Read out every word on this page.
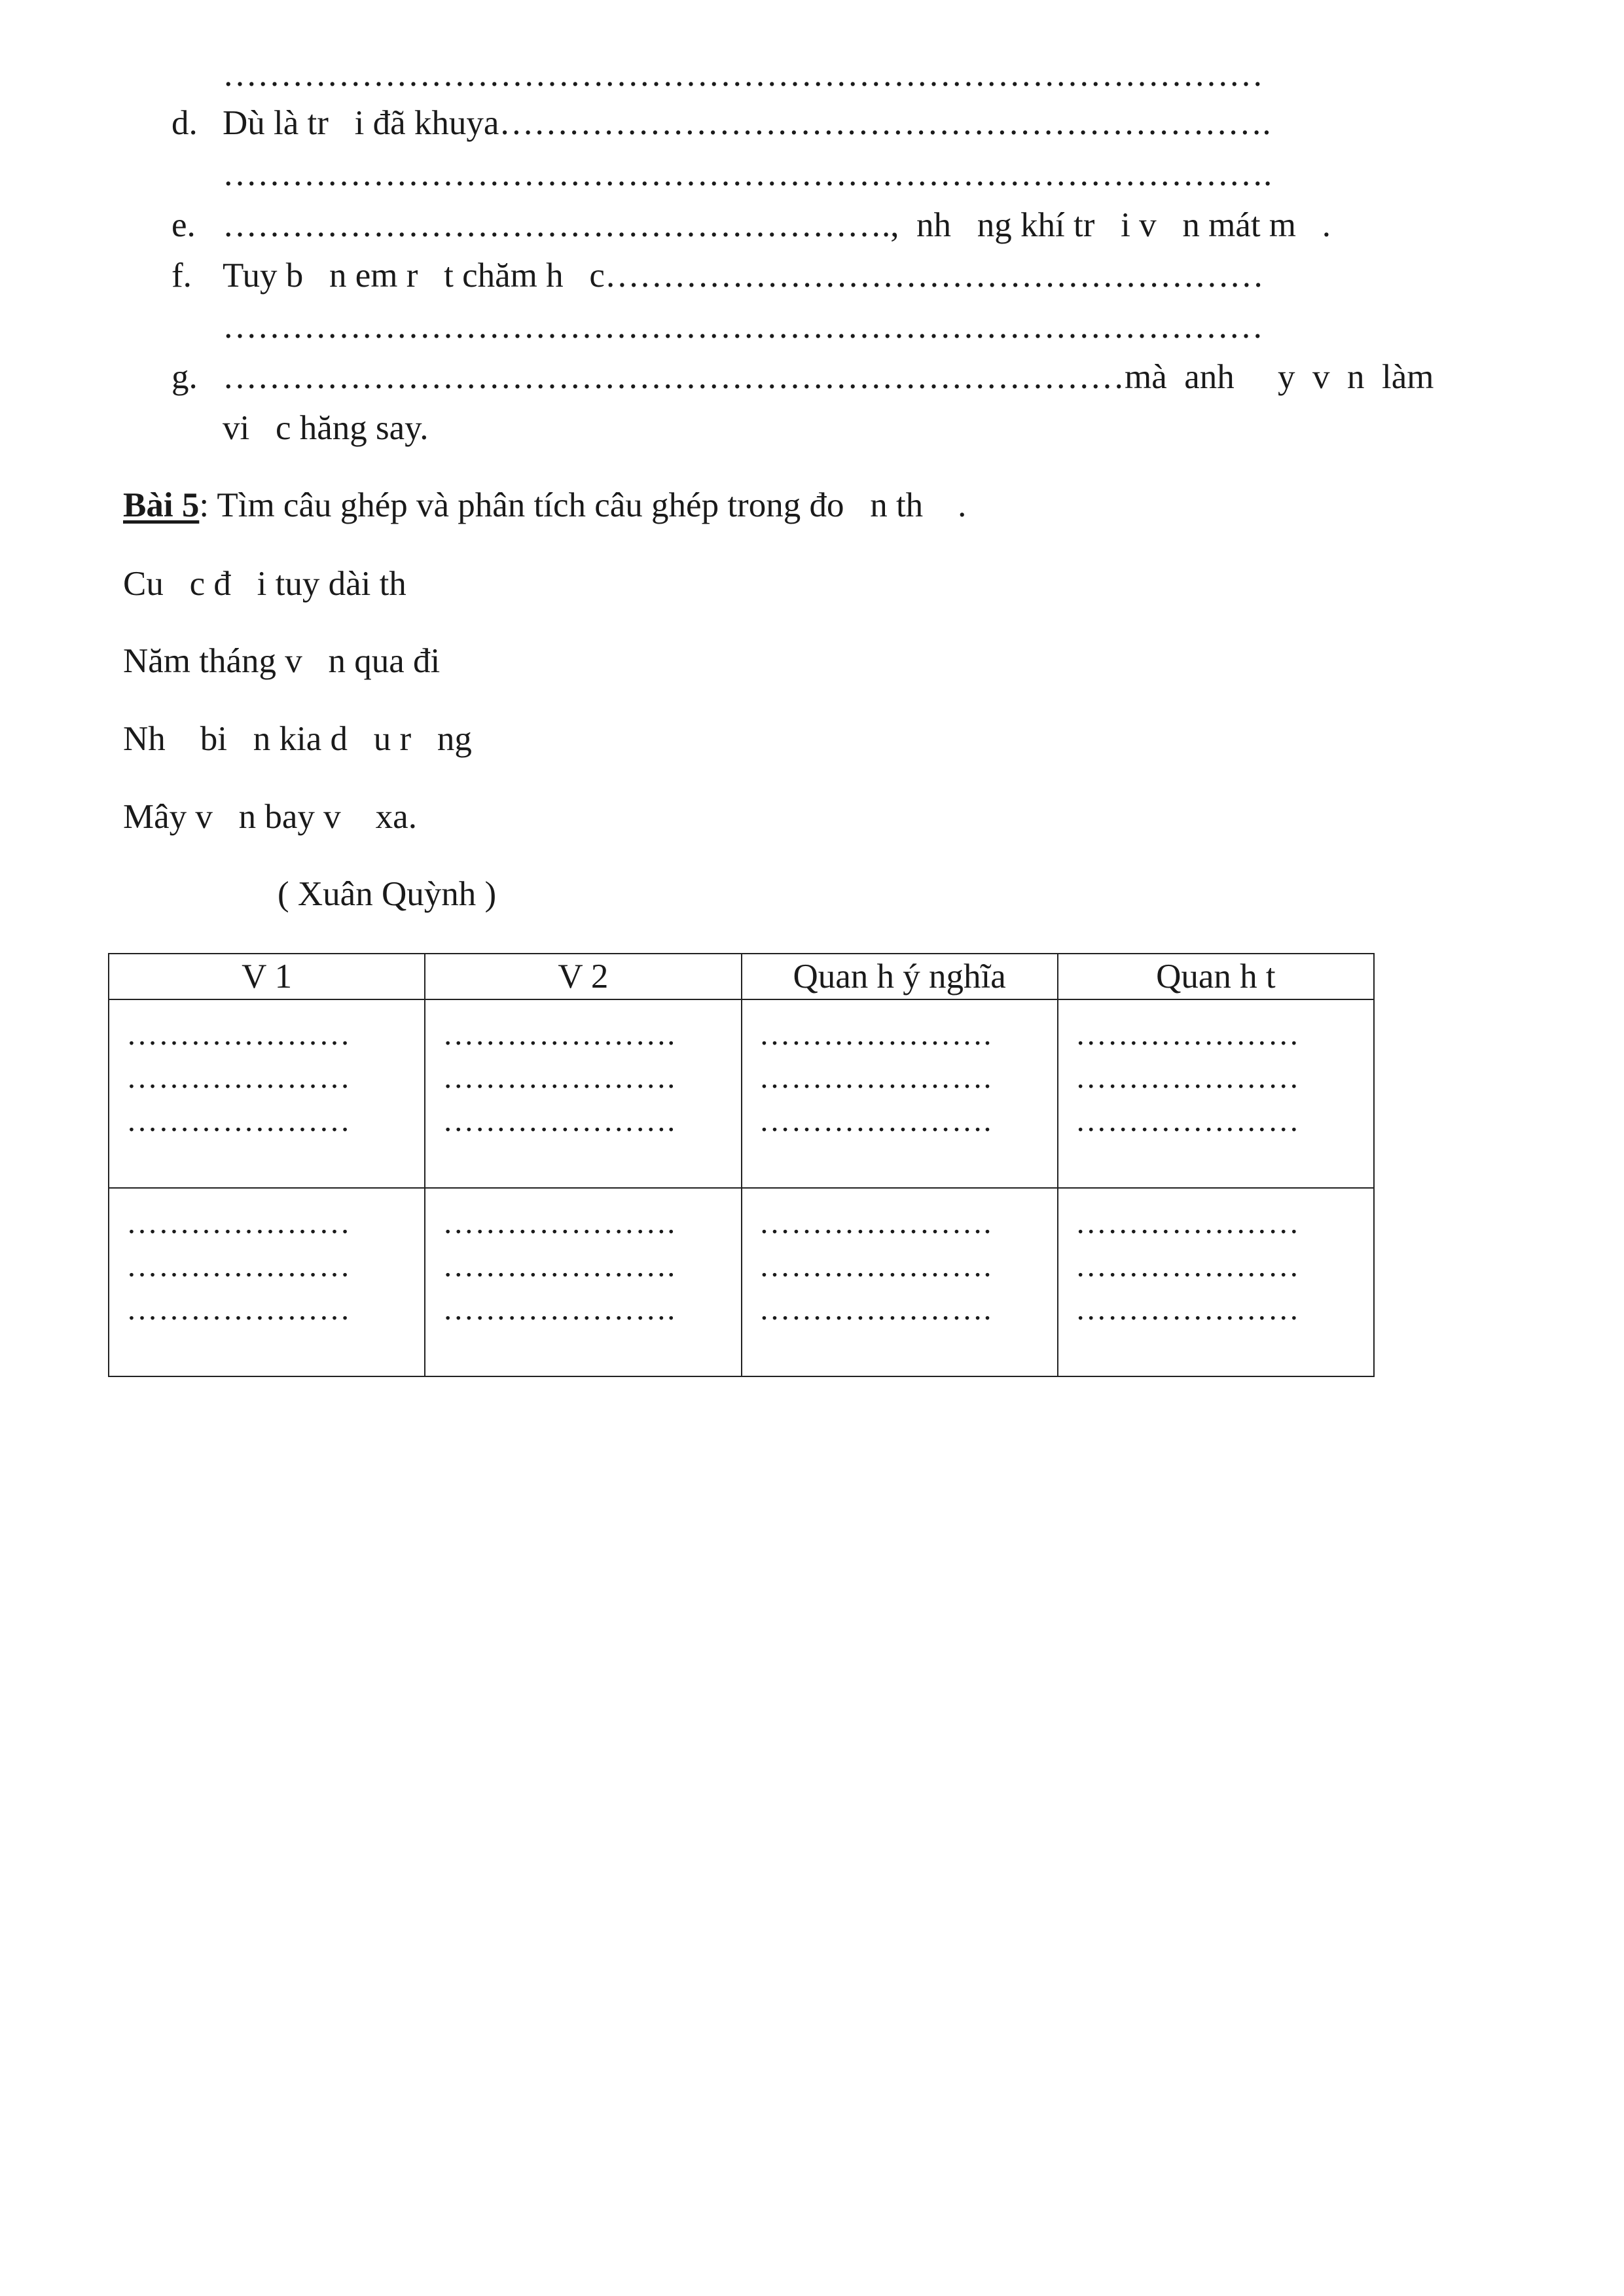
………………………………………………………………………………
d. Dù là tr   i đã khuya………………………………………………………….
……………………………………………………………………………….
e. ………………………………………………….,  nh   ng khí tr   i v   n mát m   .
f. Tuy b   n em r   t chăm h   c…………………………………………………
………………………………………………………………………………
g. ……………………………………………………………………mà  anh     y  v  n  làm
vi   c hăng say.
Bài 5: Tìm câu ghép và phân tích câu ghép trong đo   n th    .
Cu   c đ   i tuy dài th
Năm tháng v   n qua đi
Nh    bi   n kia d   u r   ng
Mây v   n bay v    xa.
( Xuân Quỳnh )
V 1	V 2	Quan h ý nghĩa	Quan h t

…………………
…………………
…………………	………………….
………………….
………………….	………………….
………………….
………………….	…………………
…………………
…………………

…………………
…………………
…………………	………………….
………………….
………………….	………………….
………………….
………………….	…………………
…………………
…………………
